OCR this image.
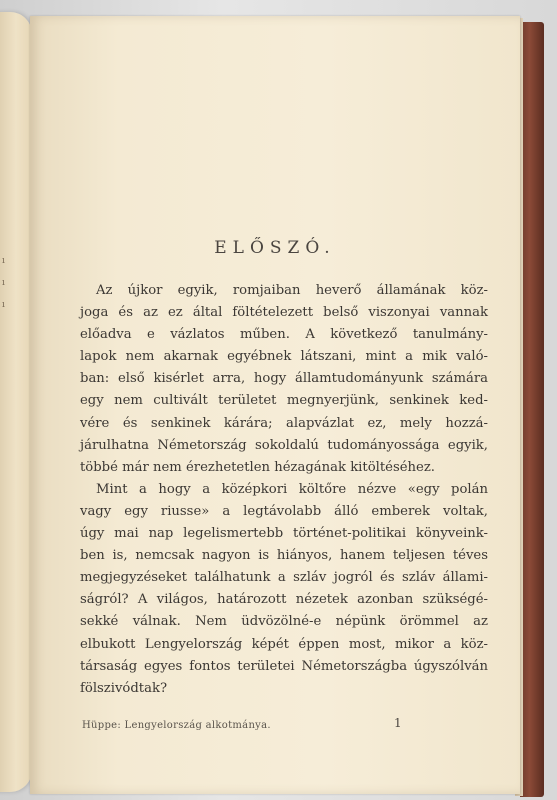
ı
ı
ı
ELŐSZÓ.
Az újkor egyik, romjaiban heverő államának köz-
joga és az ez által föltételezett belső viszonyai vannak
előadva e vázlatos műben. A következő tanulmány-
lapok nem akarnak egyébnek látszani, mint a mik való-
ban: első kisérlet arra, hogy államtudományunk számára
egy nem cultivált területet megnyerjünk, senkinek ked-
vére és senkinek kárára; alapvázlat ez, mely hozzá-
járulhatna Németország sokoldalú tudományossága egyik,
többé már nem érezhetetlen hézagának kitöltéséhez.
Mint a hogy a középkori költőre nézve «egy polán
vagy egy riusse» a legtávolabb álló emberek voltak,
úgy mai nap legelismertebb történet-politikai könyveink-
ben is, nemcsak nagyon is hiányos, hanem teljesen téves
megjegyzéseket találhatunk a szláv jogról és szláv állami-
ságról? A világos, határozott nézetek azonban szükségé-
sekké válnak. Nem üdvözölné-e népünk örömmel az
elbukott Lengyelország képét éppen most, mikor a köz-
társaság egyes fontos területei Németországba úgyszólván
fölszivódtak?
Hüppe: Lengyelország alkotmánya.	1
